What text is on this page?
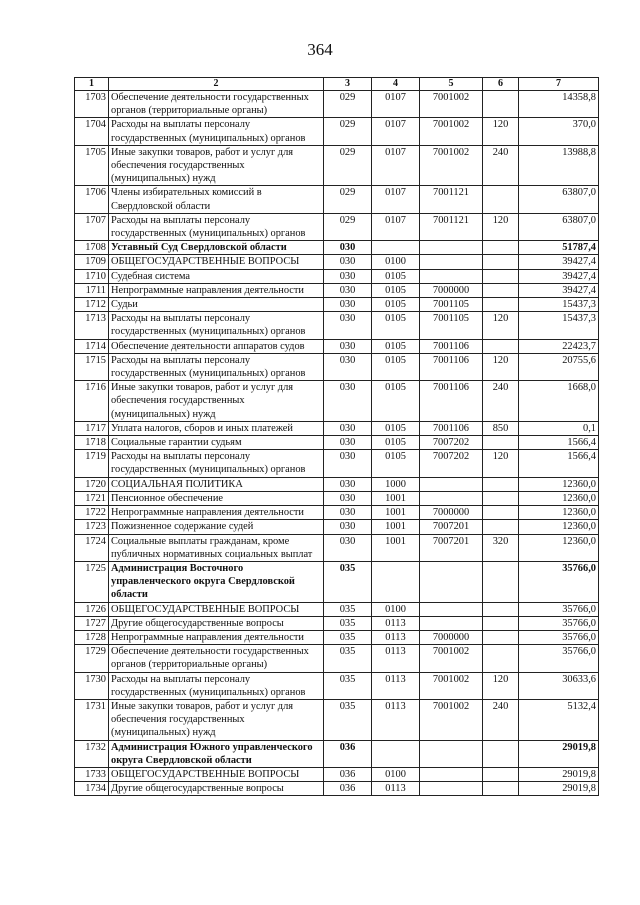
364
1	2	3	4	5	6	7
1703	Обеспечение деятельности государственных органов (территориальные органы)	029	0107	7001002		14358,8
1704	Расходы на выплаты персоналу государственных (муниципальных) органов	029	0107	7001002	120	370,0
1705	Иные закупки товаров, работ и услуг для обеспечения государственных (муниципальных) нужд	029	0107	7001002	240	13988,8
1706	Члены избирательных комиссий в Свердловской области	029	0107	7001121		63807,0
1707	Расходы на выплаты персоналу государственных (муниципальных) органов	029	0107	7001121	120	63807,0
1708	Уставный Суд Свердловской области	030				51787,4
1709	ОБЩЕГОСУДАРСТВЕННЫЕ ВОПРОСЫ	030	0100			39427,4
1710	Судебная система	030	0105			39427,4
1711	Непрограммные направления деятельности	030	0105	7000000		39427,4
1712	Судьи	030	0105	7001105		15437,3
1713	Расходы на выплаты персоналу государственных (муниципальных) органов	030	0105	7001105	120	15437,3
1714	Обеспечение деятельности аппаратов судов	030	0105	7001106		22423,7
1715	Расходы на выплаты персоналу государственных (муниципальных) органов	030	0105	7001106	120	20755,6
1716	Иные закупки товаров, работ и услуг для обеспечения государственных (муниципальных) нужд	030	0105	7001106	240	1668,0
1717	Уплата налогов, сборов и иных платежей	030	0105	7001106	850	0,1
1718	Социальные гарантии судьям	030	0105	7007202		1566,4
1719	Расходы на выплаты персоналу государственных (муниципальных) органов	030	0105	7007202	120	1566,4
1720	СОЦИАЛЬНАЯ ПОЛИТИКА	030	1000			12360,0
1721	Пенсионное обеспечение	030	1001			12360,0
1722	Непрограммные направления деятельности	030	1001	7000000		12360,0
1723	Пожизненное содержание судей	030	1001	7007201		12360,0
1724	Социальные выплаты гражданам, кроме публичных нормативных социальных выплат	030	1001	7007201	320	12360,0
1725	Администрация Восточного управленческого округа Свердловской области	035				35766,0
1726	ОБЩЕГОСУДАРСТВЕННЫЕ ВОПРОСЫ	035	0100			35766,0
1727	Другие общегосударственные вопросы	035	0113			35766,0
1728	Непрограммные направления деятельности	035	0113	7000000		35766,0
1729	Обеспечение деятельности государственных органов (территориальные органы)	035	0113	7001002		35766,0
1730	Расходы на выплаты персоналу государственных (муниципальных) органов	035	0113	7001002	120	30633,6
1731	Иные закупки товаров, работ и услуг для обеспечения государственных (муниципальных) нужд	035	0113	7001002	240	5132,4
1732	Администрация Южного управленческого округа Свердловской области	036				29019,8
1733	ОБЩЕГОСУДАРСТВЕННЫЕ ВОПРОСЫ	036	0100			29019,8
1734	Другие общегосударственные вопросы	036	0113			29019,8
